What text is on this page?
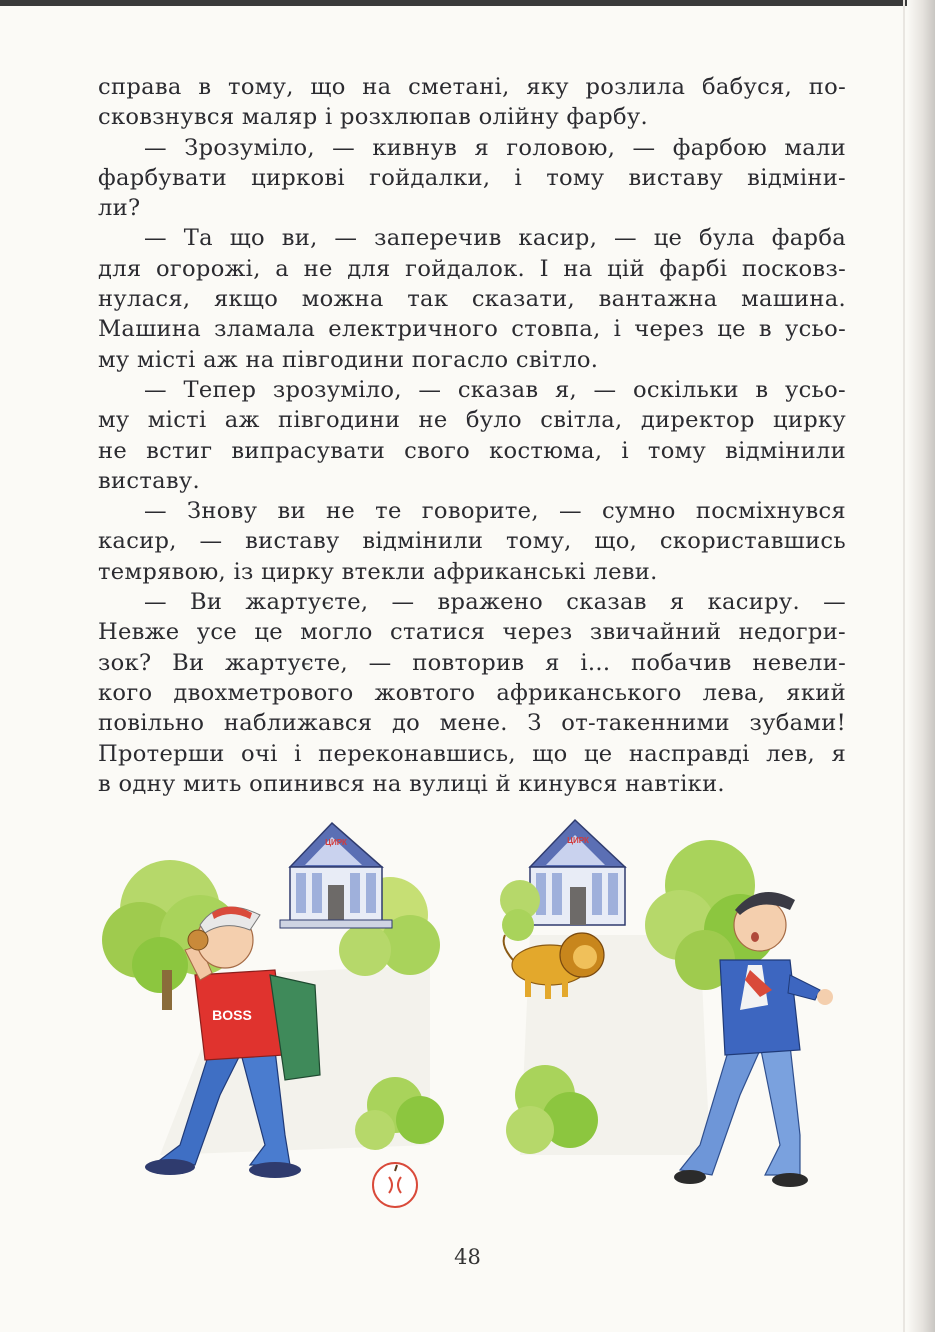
справа в тому, що на сметані, яку розлила бабуся, по-
сковзнувся маляр і розхлюпав олійну фарбу.
— Зрозуміло, — кивнув я головою, — фарбою мали
фарбувати циркові гойдалки, і тому виставу відміни-
ли?
— Та що ви, — заперечив касир, — це була фарба
для огорожі, а не для гойдалок. І на цій фарбі посковз-
нулася, якщо можна так сказати, вантажна машина.
Машина зламала електричного стовпа, і через це в усьо-
му місті аж на півгодини погасло світло.
— Тепер зрозуміло, — сказав я, — оскільки в усьо-
му місті аж півгодини не було світла, директор цирку
не встиг випрасувати свого костюма, і тому відмінили
виставу.
— Знову ви не те говорите, — сумно посміхнувся
касир, — виставу відмінили тому, що, скориставшись
темрявою, із цирку втекли африканські леви.
— Ви жартуєте, — вражено сказав я касиру. —
Невже усе це могло статися через звичайний недогри-
зок? Ви жартуєте, — повторив я і... побачив невели-
кого двохметрового жовтого африканського лева, який
повільно наближався до мене. З от-такенними зубами!
Протерши очі і переконавшись, що це насправді лев, я
в одну мить опинився на вулиці й кинувся навтіки.
ЦИРК
BOSS
ЦИРК
48
